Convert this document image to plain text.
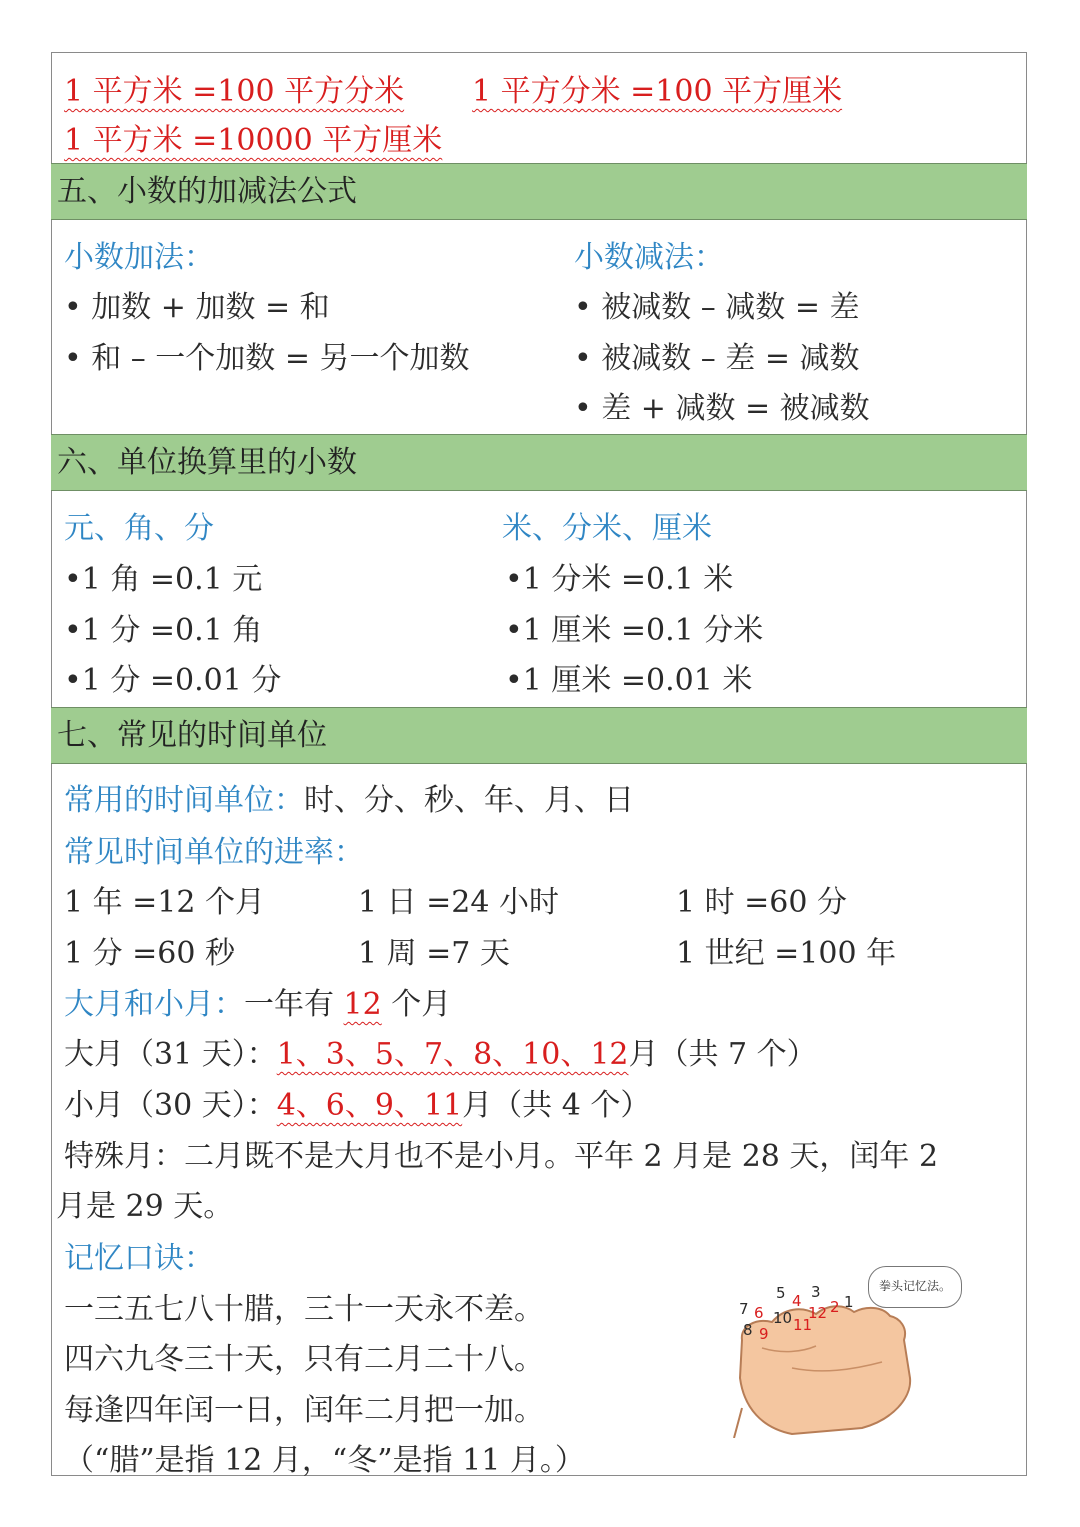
1 平方米 =100 平方分米 1 平方分米 =100 平方厘米
1 平方米 =10000 平方厘米
五、小数的加减法公式
小数加法：
• 加数 + 加数 = 和
• 和 – 一个加数 = 另一个加数
小数减法：
• 被减数 – 减数 = 差
• 被减数 – 差 = 减数
• 差 + 减数 = 被减数
六、单位换算里的小数
元、角、分
•1 角 =0.1 元
•1 分 =0.1 角
•1 分 =0.01 分
米、分米、厘米
•1 分米 =0.1 米
•1 厘米 =0.1 分米
•1 厘米 =0.01 米
七、常见的时间单位
常用的时间单位：时、分、秒、年、月、日
常见时间单位的进率：
1 年 =12 个月	1 日 =24 小时	1 时 =60 分
1 分 =60 秒	1 周 =7 天	1 世纪 =100 年
大月和小月：一年有 12 个月
大月（31 天）：1、3、5、7、8、10、12月（共 7 个）
小月（30 天）：4、6、9、11月（共 4 个）
特殊月：二月既不是大月也不是小月。平年 2 月是 28 天，闰年 2
月是 29 天。
记忆口诀：
一三五七八十腊，三十一天永不差。
四六九冬三十天，只有二月二十八。
每逢四年闰一日，闰年二月把一加。
（“腊”是指 12 月，“冬”是指 11 月。）
拳头记忆法。
5 4 3
12 2 1
7 6 10 11
8 9
